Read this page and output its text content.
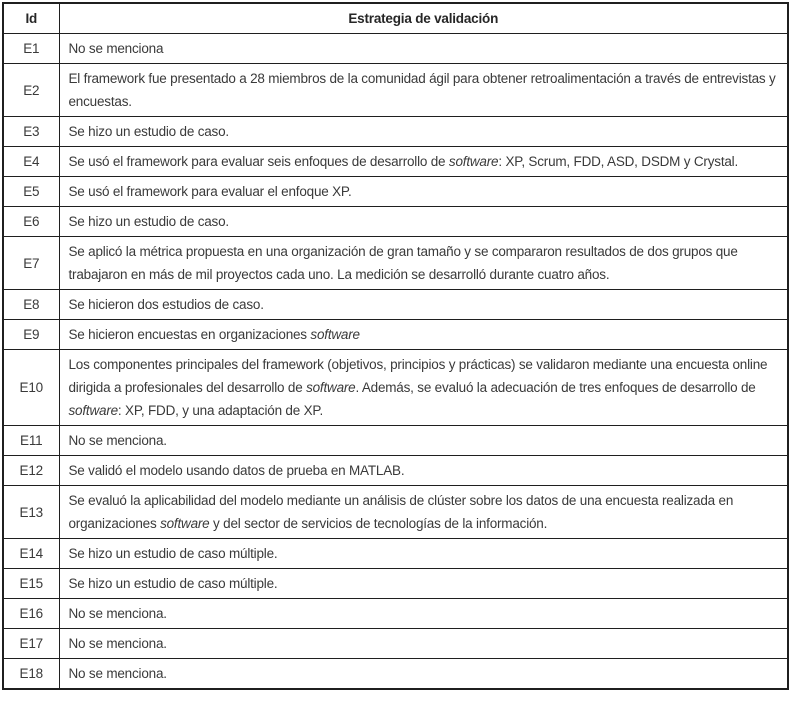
Id	Estrategia de validación
E1	No se menciona
E2	El framework fue presentado a 28 miembros de la comunidad ágil para obtener retroalimentación a través de entrevistas y encuestas.
E3	Se hizo un estudio de caso.
E4	Se usó el framework para evaluar seis enfoques de desarrollo de software: XP, Scrum, FDD, ASD, DSDM y Crystal.
E5	Se usó el framework para evaluar el enfoque XP.
E6	Se hizo un estudio de caso.
E7	Se aplicó la métrica propuesta en una organización de gran tamaño y se compararon resultados de dos grupos que trabajaron en más de mil proyectos cada uno. La medición se desarrolló durante cuatro años.
E8	Se hicieron dos estudios de caso.
E9	Se hicieron encuestas en organizaciones software
E10	Los componentes principales del framework (objetivos, principios y prácticas) se validaron mediante una encuesta online dirigida a profesionales del desarrollo de software. Además, se evaluó la adecuación de tres enfoques de desarrollo de software: XP, FDD, y una adaptación de XP.
E11	No se menciona.
E12	Se validó el modelo usando datos de prueba en MATLAB.
E13	Se evaluó la aplicabilidad del modelo mediante un análisis de clúster sobre los datos de una encuesta realizada en organizaciones software y del sector de servicios de tecnologías de la información.
E14	Se hizo un estudio de caso múltiple.
E15	Se hizo un estudio de caso múltiple.
E16	No se menciona.
E17	No se menciona.
E18	No se menciona.
